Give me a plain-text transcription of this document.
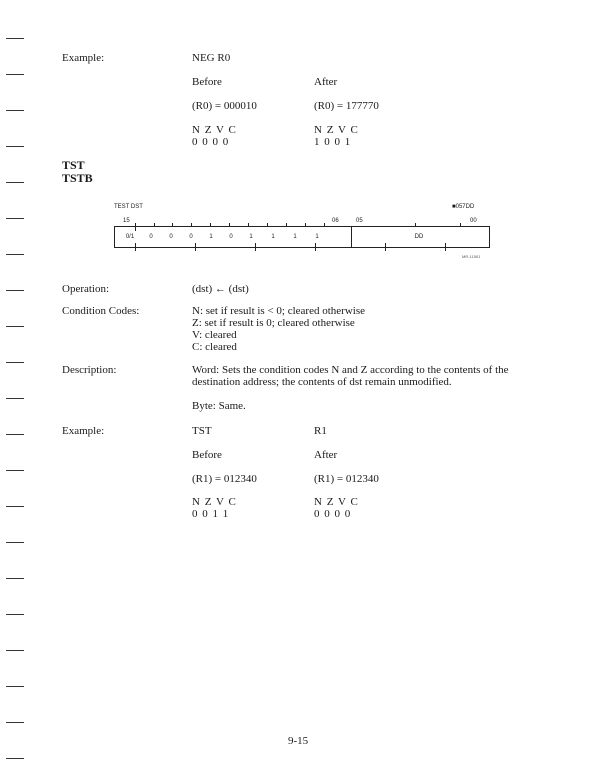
Example:	NEG R0
Before	After
(R0) = 000010	(R0) = 177770
N Z V C	N Z V C
0 0 0 0	1 0 0 1
TST
TSTB
TEST DST	■057DD
15	06	05	00
0/1	0	0	0	1	0	1	1	1	1	DD
MR-11501
Operation:	(dst) ← (dst)
Condition Codes:	N: set if result is < 0; cleared otherwise
Z: set if result is 0; cleared otherwise
V: cleared
C: cleared
Description:	Word: Sets the condition codes N and Z according to the contents of the
destination address; the contents of dst remain unmodified.
Byte: Same.
Example:	TST	R1
Before	After
(R1) = 012340	(R1) = 012340
N Z V C	N Z V C
0 0 1 1	0 0 0 0
9-15
